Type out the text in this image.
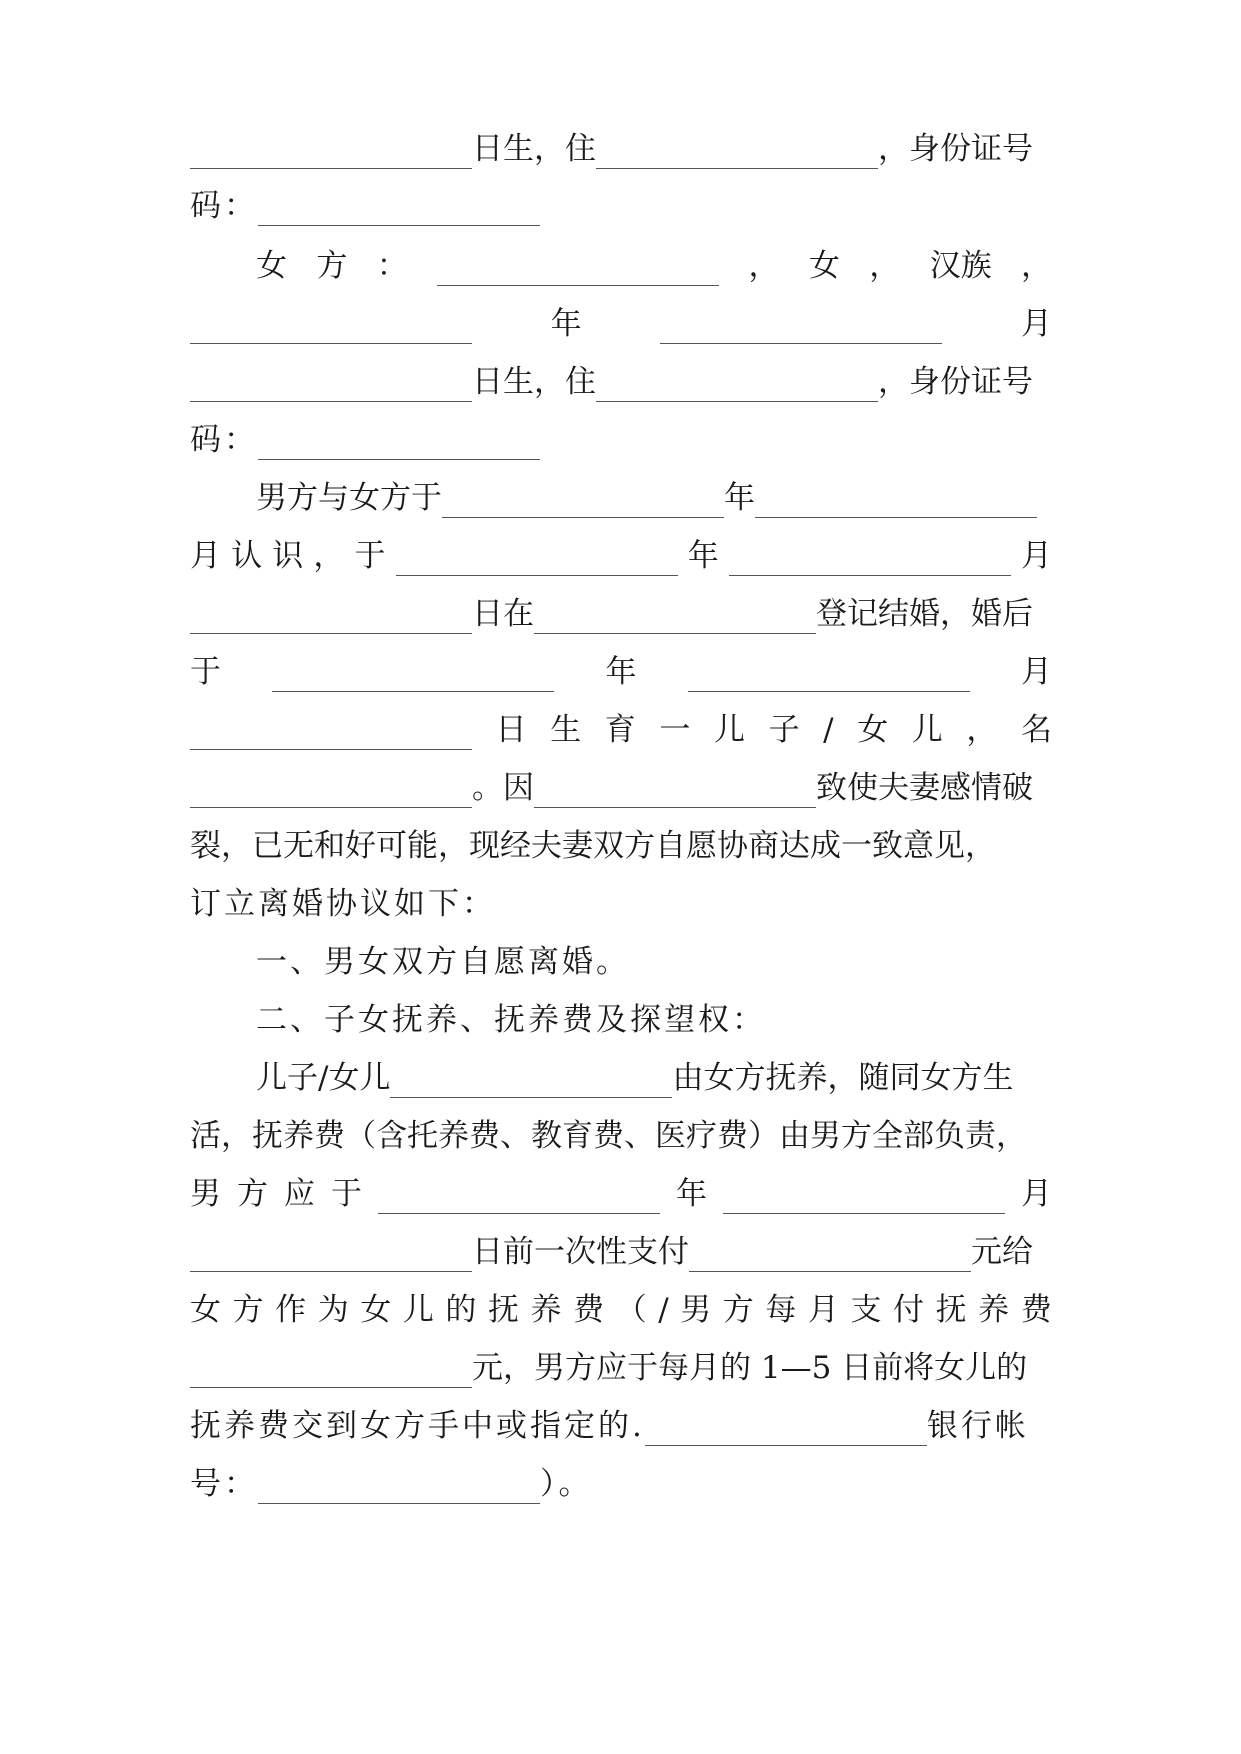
日生，住	，身份证号
码：
女 方 ：	， 女 ， 汉族 ，
年	月
日生，住	，身份证号
码：
男方与女方于	年
月 认 识 ， 于	年	月
日在	登记结婚，婚后
于	年	月
日 生 育 一 儿 子 / 女 儿 ， 名
。因	致使夫妻感情破
裂，已无和好可能，现经夫妻双方自愿协商达成一致意见，
订立离婚协议如下：
一、男女双方自愿离婚。
二、子女抚养、抚养费及探望权：
儿子/女儿	由女方抚养，随同女方生
活，抚养费（含托养费、教育费、医疗费）由男方全部负责，
男 方 应 于	年	月
日前一次性支付	元给
女 方 作 为 女 儿 的 抚 养 费 （ / 男 方 每 月 支 付 抚 养 费
元，男方应于每月的 1—5 日前将女儿的
抚养费交到女方手中或指定的.	银行帐
号：	）。
